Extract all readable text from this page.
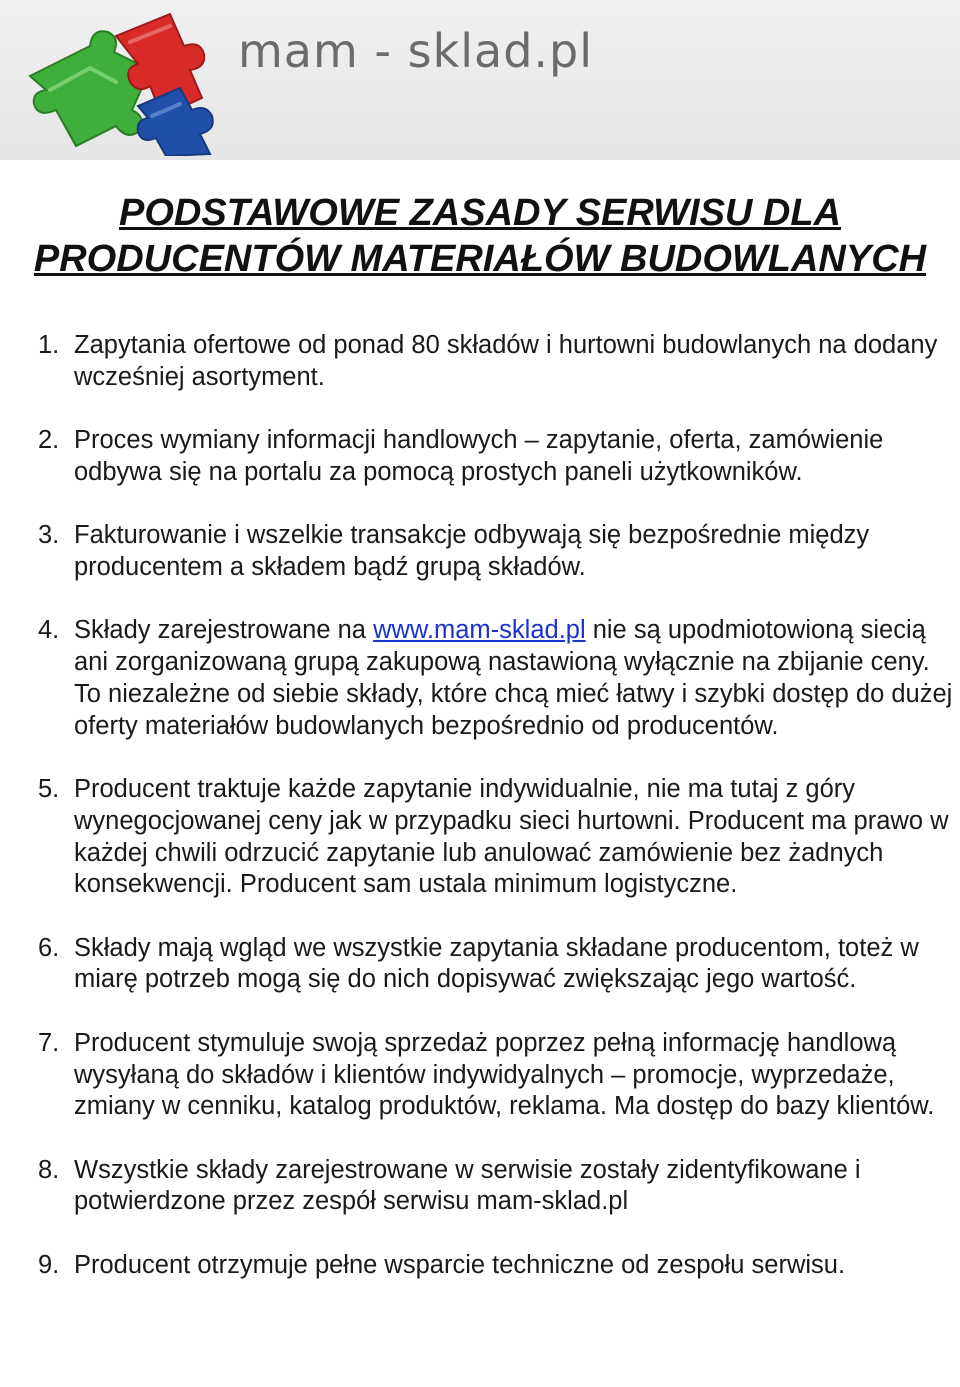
mam - sklad.pl
PODSTAWOWE ZASADY SERWISU DLA
PRODUCENTÓW MATERIAŁÓW BUDOWLANYCH
1. Zapytania ofertowe od ponad 80 składów i hurtowni budowlanych na dodany wcześniej asortyment.
2. Proces wymiany informacji handlowych – zapytanie, oferta, zamówienie odbywa się na portalu za pomocą prostych paneli użytkowników.
3. Fakturowanie i wszelkie transakcje odbywają się bezpośrednie między producentem a składem bądź grupą składów.
4. Składy zarejestrowane na www.mam-sklad.pl nie są upodmiotowioną siecią ani zorganizowaną grupą zakupową nastawioną wyłącznie na zbijanie ceny. To niezależne od siebie składy, które chcą mieć łatwy i szybki dostęp do dużej oferty materiałów budowlanych bezpośrednio od producentów.
5. Producent traktuje każde zapytanie indywidualnie, nie ma tutaj z góry wynegocjowanej ceny jak w przypadku sieci hurtowni. Producent ma prawo w każdej chwili odrzucić zapytanie lub anulować zamówienie bez żadnych konsekwencji. Producent sam ustala minimum logistyczne.
6. Składy mają wgląd we wszystkie zapytania składane producentom, toteż w miarę potrzeb mogą się do nich dopisywać zwiększając jego wartość.
7. Producent stymuluje swoją sprzedaż poprzez pełną informację handlową wysyłaną do składów i klientów indywidyalnych – promocje, wyprzedaże, zmiany w cenniku, katalog produktów, reklama. Ma dostęp do bazy klientów.
8. Wszystkie składy zarejestrowane w serwisie zostały zidentyfikowane i potwierdzone przez zespół serwisu mam-sklad.pl
9. Producent otrzymuje pełne wsparcie techniczne od zespołu serwisu.
